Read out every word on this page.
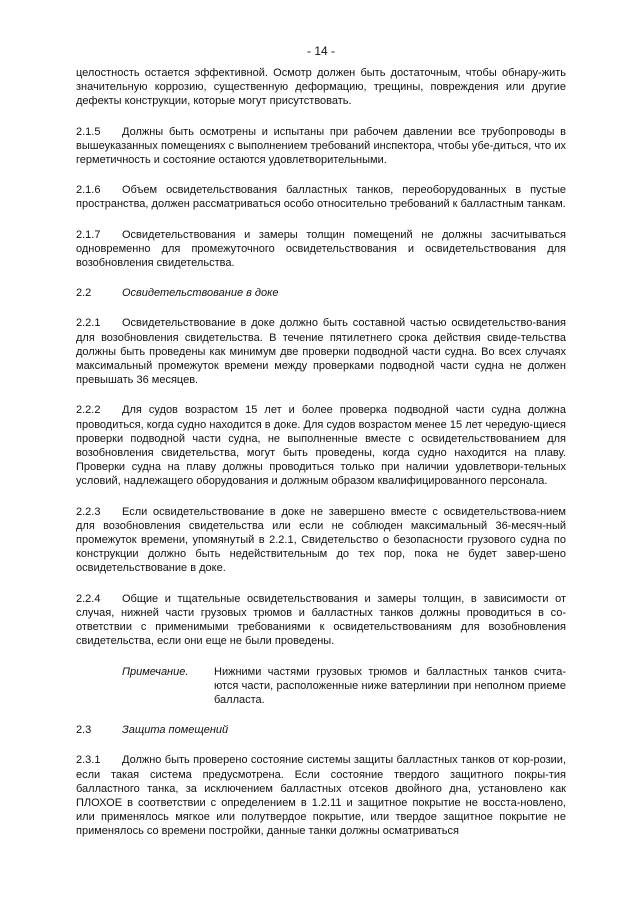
- 14 -

целостность остается эффективной. Осмотр должен быть достаточным, чтобы обнару-жить значительную коррозию, существенную деформацию, трещины, повреждения или другие дефекты конструкции, которые могут присутствовать.

2.1.5 Должны быть осмотрены и испытаны при рабочем давлении все трубопроводы в вышеуказанных помещениях с выполнением требований инспектора, чтобы убе-диться, что их герметичность и состояние остаются удовлетворительными.

2.1.6 Объем освидетельствования балластных танков, переоборудованных в пустые пространства, должен рассматриваться особо относительно требований к балластным танкам.

2.1.7 Освидетельствования и замеры толщин помещений не должны засчитываться одновременно для промежуточного освидетельствования и освидетельствования для возобновления свидетельства.

2.2	Освидетельствование в доке

2.2.1 Освидетельствование в доке должно быть составной частью освидетельство-вания для возобновления свидетельства. В течение пятилетнего срока действия свиде-тельства должны быть проведены как минимум две проверки подводной части судна. Во всех случаях максимальный промежуток времени между проверками подводной части судна не должен превышать 36 месяцев.

2.2.2 Для судов возрастом 15 лет и более проверка подводной части судна должна проводиться, когда судно находится в доке. Для судов возрастом менее 15 лет чередую-щиеся проверки подводной части судна, не выполненные вместе с освидетельствованием для возобновления свидетельства, могут быть проведены, когда судно находится на плаву. Проверки судна на плаву должны проводиться только при наличии удовлетвори-тельных условий, надлежащего оборудования и должным образом квалифицированного персонала.

2.2.3 Если освидетельствование в доке не завершено вместе с освидетельствова-нием для возобновления свидетельства или если не соблюден максимальный 36-месяч-ный промежуток времени, упомянутый в 2.2.1, Свидетельство о безопасности грузового судна по конструкции должно быть недействительным до тех пор, пока не будет завер-шено освидетельствование в доке.

2.2.4 Общие и тщательные освидетельствования и замеры толщин, в зависимости от случая, нижней части грузовых трюмов и балластных танков должны проводиться в со-ответствии с применимыми требованиями к освидетельствованиям для возобновления свидетельства, если они еще не были проведены.

Примечание.	Нижними частями грузовых трюмов и балластных танков счита-ются части, расположенные ниже ватерлинии при неполном приеме балласта.
2.3	Защита помещений

2.3.1 Должно быть проверено состояние системы защиты балластных танков от кор-розии, если такая система предусмотрена. Если состояние твердого защитного покры-тия балластного танка, за исключением балластных отсеков двойного дна, установлено как ПЛОХОЕ в соответствии с определением в 1.2.11 и защитное покрытие не восста-новлено, или применялось мягкое или полутвердое покрытие, или твердое защитное покрытие не применялось со времени постройки, данные танки должны осматриваться
